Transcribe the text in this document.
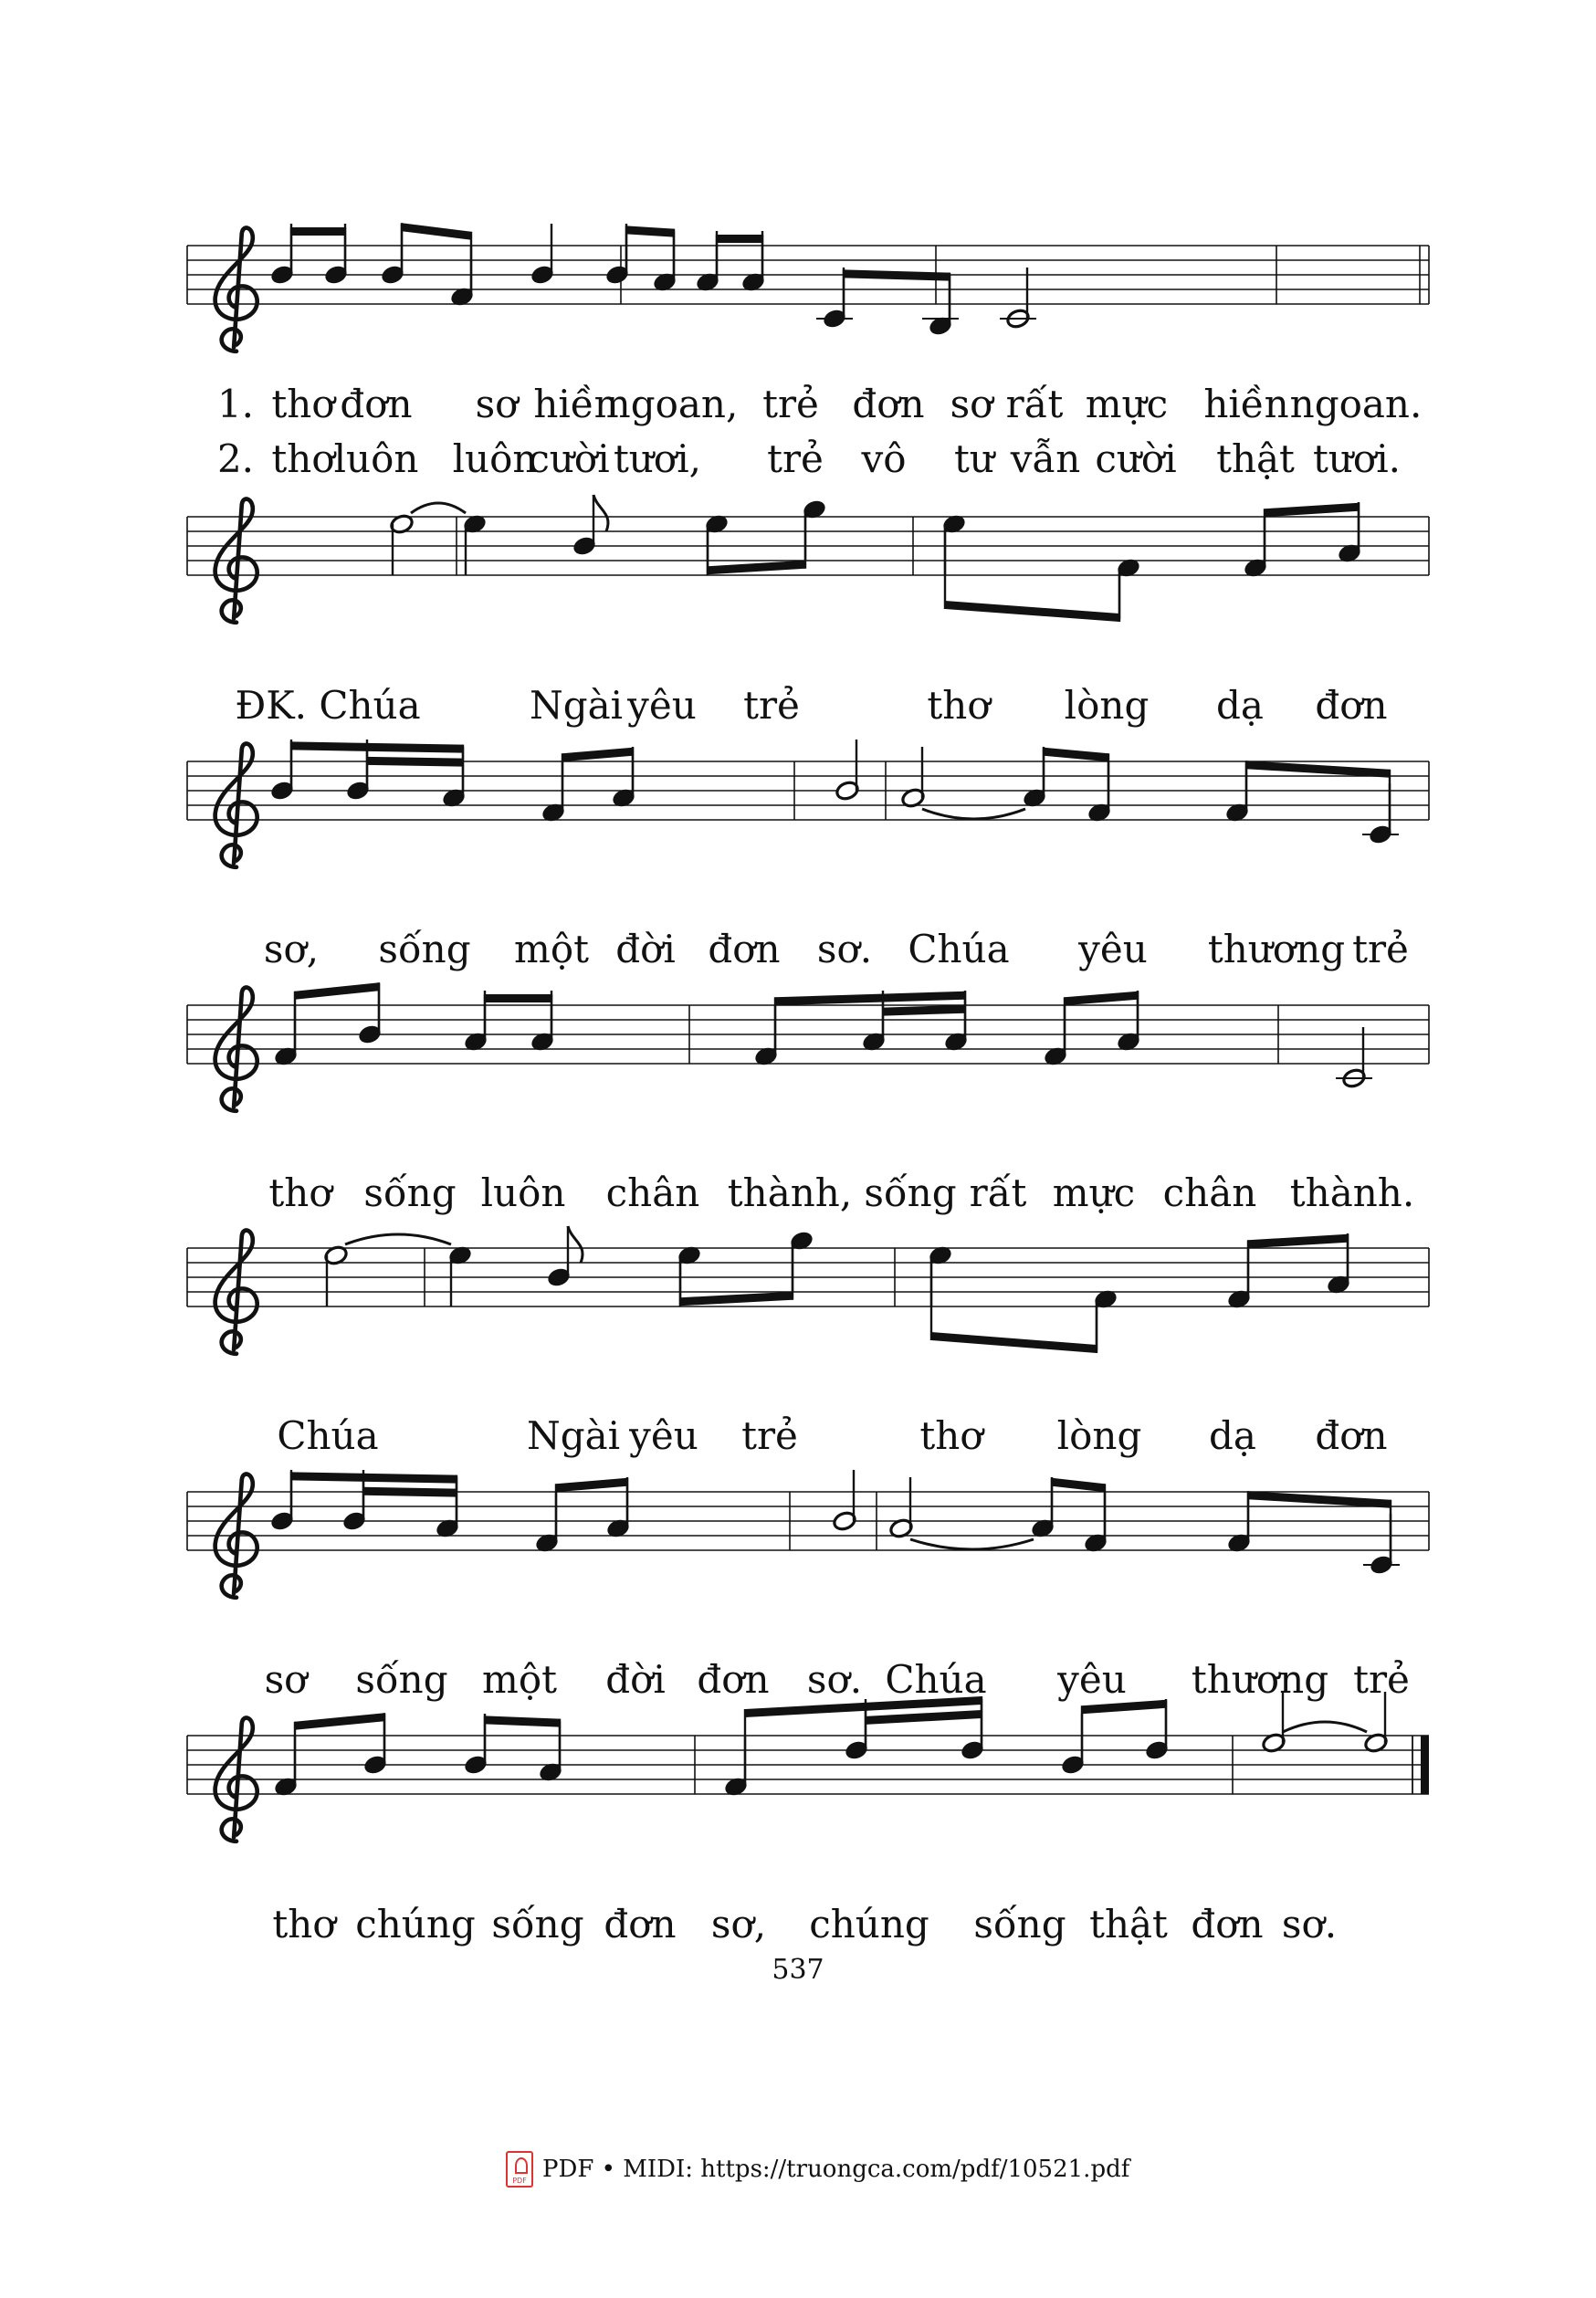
1. thơ đơn sơ hiền
ngoan, trẻ đơn sơ rất mực hiền ngoan.
2. thơ
luôn luôn
cười tươi, trẻ vô tư vẫn cười thật tươi.
ĐK. Chúa	Ngài yêu trẻ	thơ lòng dạ đơn
sơ, sống một đời đơn sơ. Chúa yêu thương trẻ
thơ sống luôn chân thành, sống rất mực chân thành.
Chúa	Ngài yêu trẻ	thơ lòng dạ đơn
sơ sống một đời đơn sơ. Chúa yêu thương trẻ
thơ chúng sống đơn sơ, chúng sống thật đơn sơ.
537
PDF
PDF • MIDI: https://truongca.com/pdf/10521.pdf
